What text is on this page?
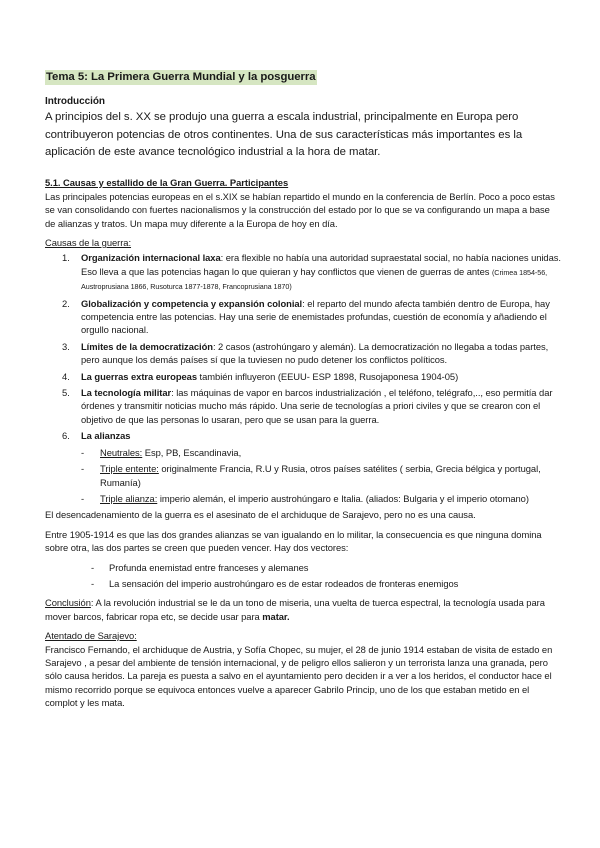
Tema 5: La Primera Guerra Mundial y la posguerra

Introducción

A principios del s. XX se produjo una guerra a escala industrial, principalmente en Europa pero contribuyeron potencias de otros continentes. Una de sus características más importantes es la aplicación de este avance tecnológico industrial a la hora de matar.

5.1. Causas y estallido de la Gran Guerra. Participantes

Las principales potencias europeas en el s.XIX se habían repartido el mundo en la conferencia de Berlín. Poco a poco estas se van consolidando con fuertes nacionalismos y la construcción del estado por lo que se va configurando un mapa a base de alianzas y tratos. Un mapa muy diferente a la Europa de hoy en día.

Causas de la guerra:

1. Organización internacional laxa: era flexible no había una autoridad supraestatal social, no había naciones unidas. Eso lleva a que las potencias hagan lo que quieran y hay conflictos que vienen de guerras de antes (Crimea 1854-56, Austroprusiana 1866, Rusoturca 1877-1878, Francoprusiana 1870)
2. Globalización y competencia y expansión colonial: el reparto del mundo afecta también dentro de Europa, hay competencia entre las potencias. Hay una serie de enemistades profundas, cuestión de economía y añadiendo el orgullo nacional.
3. Límites de la democratización: 2 casos (astrohúngaro y alemán). La democratización no llegaba a todas partes, pero aunque los demás países sí que la tuviesen no pudo detener los conflictos políticos.
4. La guerras extra europeas también influyeron (EEUU- ESP 1898, Rusojaponesa 1904-05)
5. La tecnología militar: las máquinas de vapor en barcos industrialización , el teléfono, telégrafo,.., eso permitía dar órdenes y transmitir noticias mucho más rápido. Una serie de tecnologías a priori civiles y que se crearon con el objetivo de que las personas lo usaran, pero que se usan para la guerra.
6. La alianzas
- Neutrales: Esp, PB, Escandinavia,
- Triple entente: originalmente Francia, R.U y Rusia, otros países satélites ( serbia, Grecia bélgica y portugal, Rumanía)
- Triple alianza: imperio alemán, el imperio austrohúngaro e Italia. (aliados: Bulgaria y el imperio otomano)

El desencadenamiento de la guerra es el asesinato de el archiduque de Sarajevo, pero no es una causa.

Entre 1905-1914 es que las dos grandes alianzas se van igualando en lo militar, la consecuencia es que ninguna domina sobre otra, las dos partes se creen que pueden vencer. Hay dos vectores:

- Profunda enemistad entre franceses y alemanes
- La sensación del imperio austrohúngaro es de estar rodeados de fronteras enemigos

Conclusión: A la revolución industrial se le da un tono de miseria, una vuelta de tuerca espectral, la tecnología usada para mover barcos, fabricar ropa etc, se decide usar para matar.

Atentado de Sarajevo:

Francisco Fernando, el archiduque de Austria, y Sofía Chopec, su mujer, el 28 de junio 1914 estaban de visita de estado en Sarajevo , a pesar del ambiente de tensión internacional, y de peligro ellos salieron y un terrorista lanza una granada, pero sólo causa heridos. La pareja es puesta a salvo en el ayuntamiento pero deciden ir a ver a los heridos, el conductor hace el mismo recorrido porque se equivoca entonces vuelve a aparecer Gabrilo Princip, uno de los que estaban metido en el complot y les mata.
